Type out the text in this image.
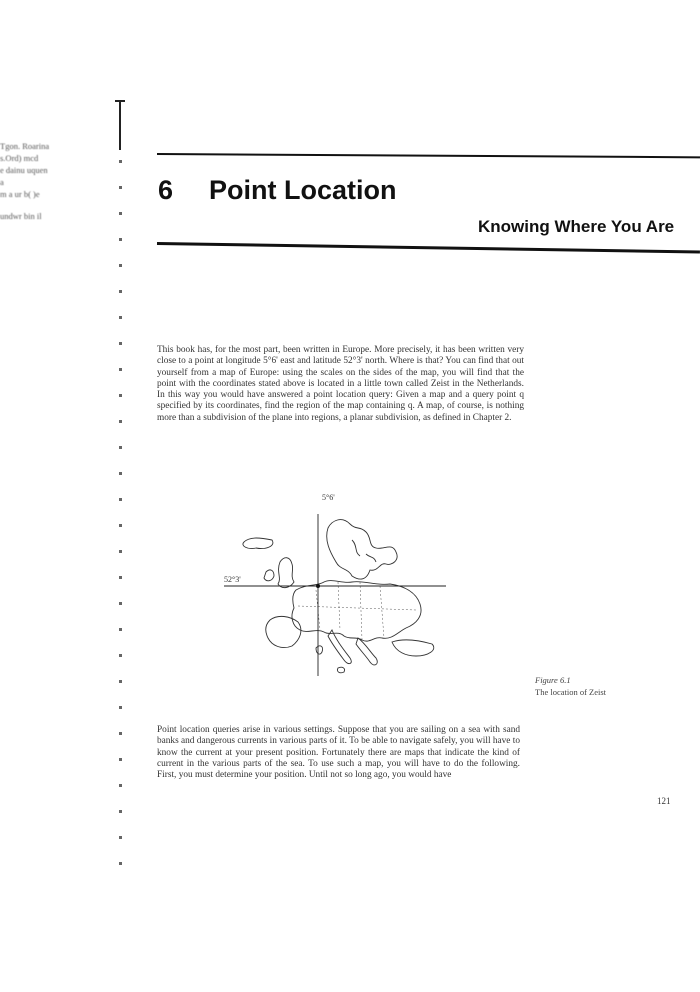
Tgon. Roarina
s.Ord) mcd
e dainu uquen
a
m a ur b( )e
undwr bin il
6 Point Location
Knowing Where You Are
This book has, for the most part, been written in Europe. More precisely, it has been written very close to a point at longitude 5°6' east and latitude 52°3' north. Where is that? You can find that out yourself from a map of Europe: using the scales on the sides of the map, you will find that the point with the coordinates stated above is located in a little town called Zeist in the Netherlands. In this way you would have answered a point location query: Given a map and a query point q specified by its coordinates, find the region of the map containing q. A map, of course, is nothing more than a subdivision of the plane into regions, a planar subdivision, as defined in Chapter 2.
52°3'
5°6'
Figure 6.1
The location of Zeist
Point location queries arise in various settings. Suppose that you are sailing on a sea with sand banks and dangerous currents in various parts of it. To be able to navigate safely, you will have to know the current at your present position. Fortunately there are maps that indicate the kind of current in the various parts of the sea. To use such a map, you will have to do the following. First, you must determine your position. Until not so long ago, you would have
121
